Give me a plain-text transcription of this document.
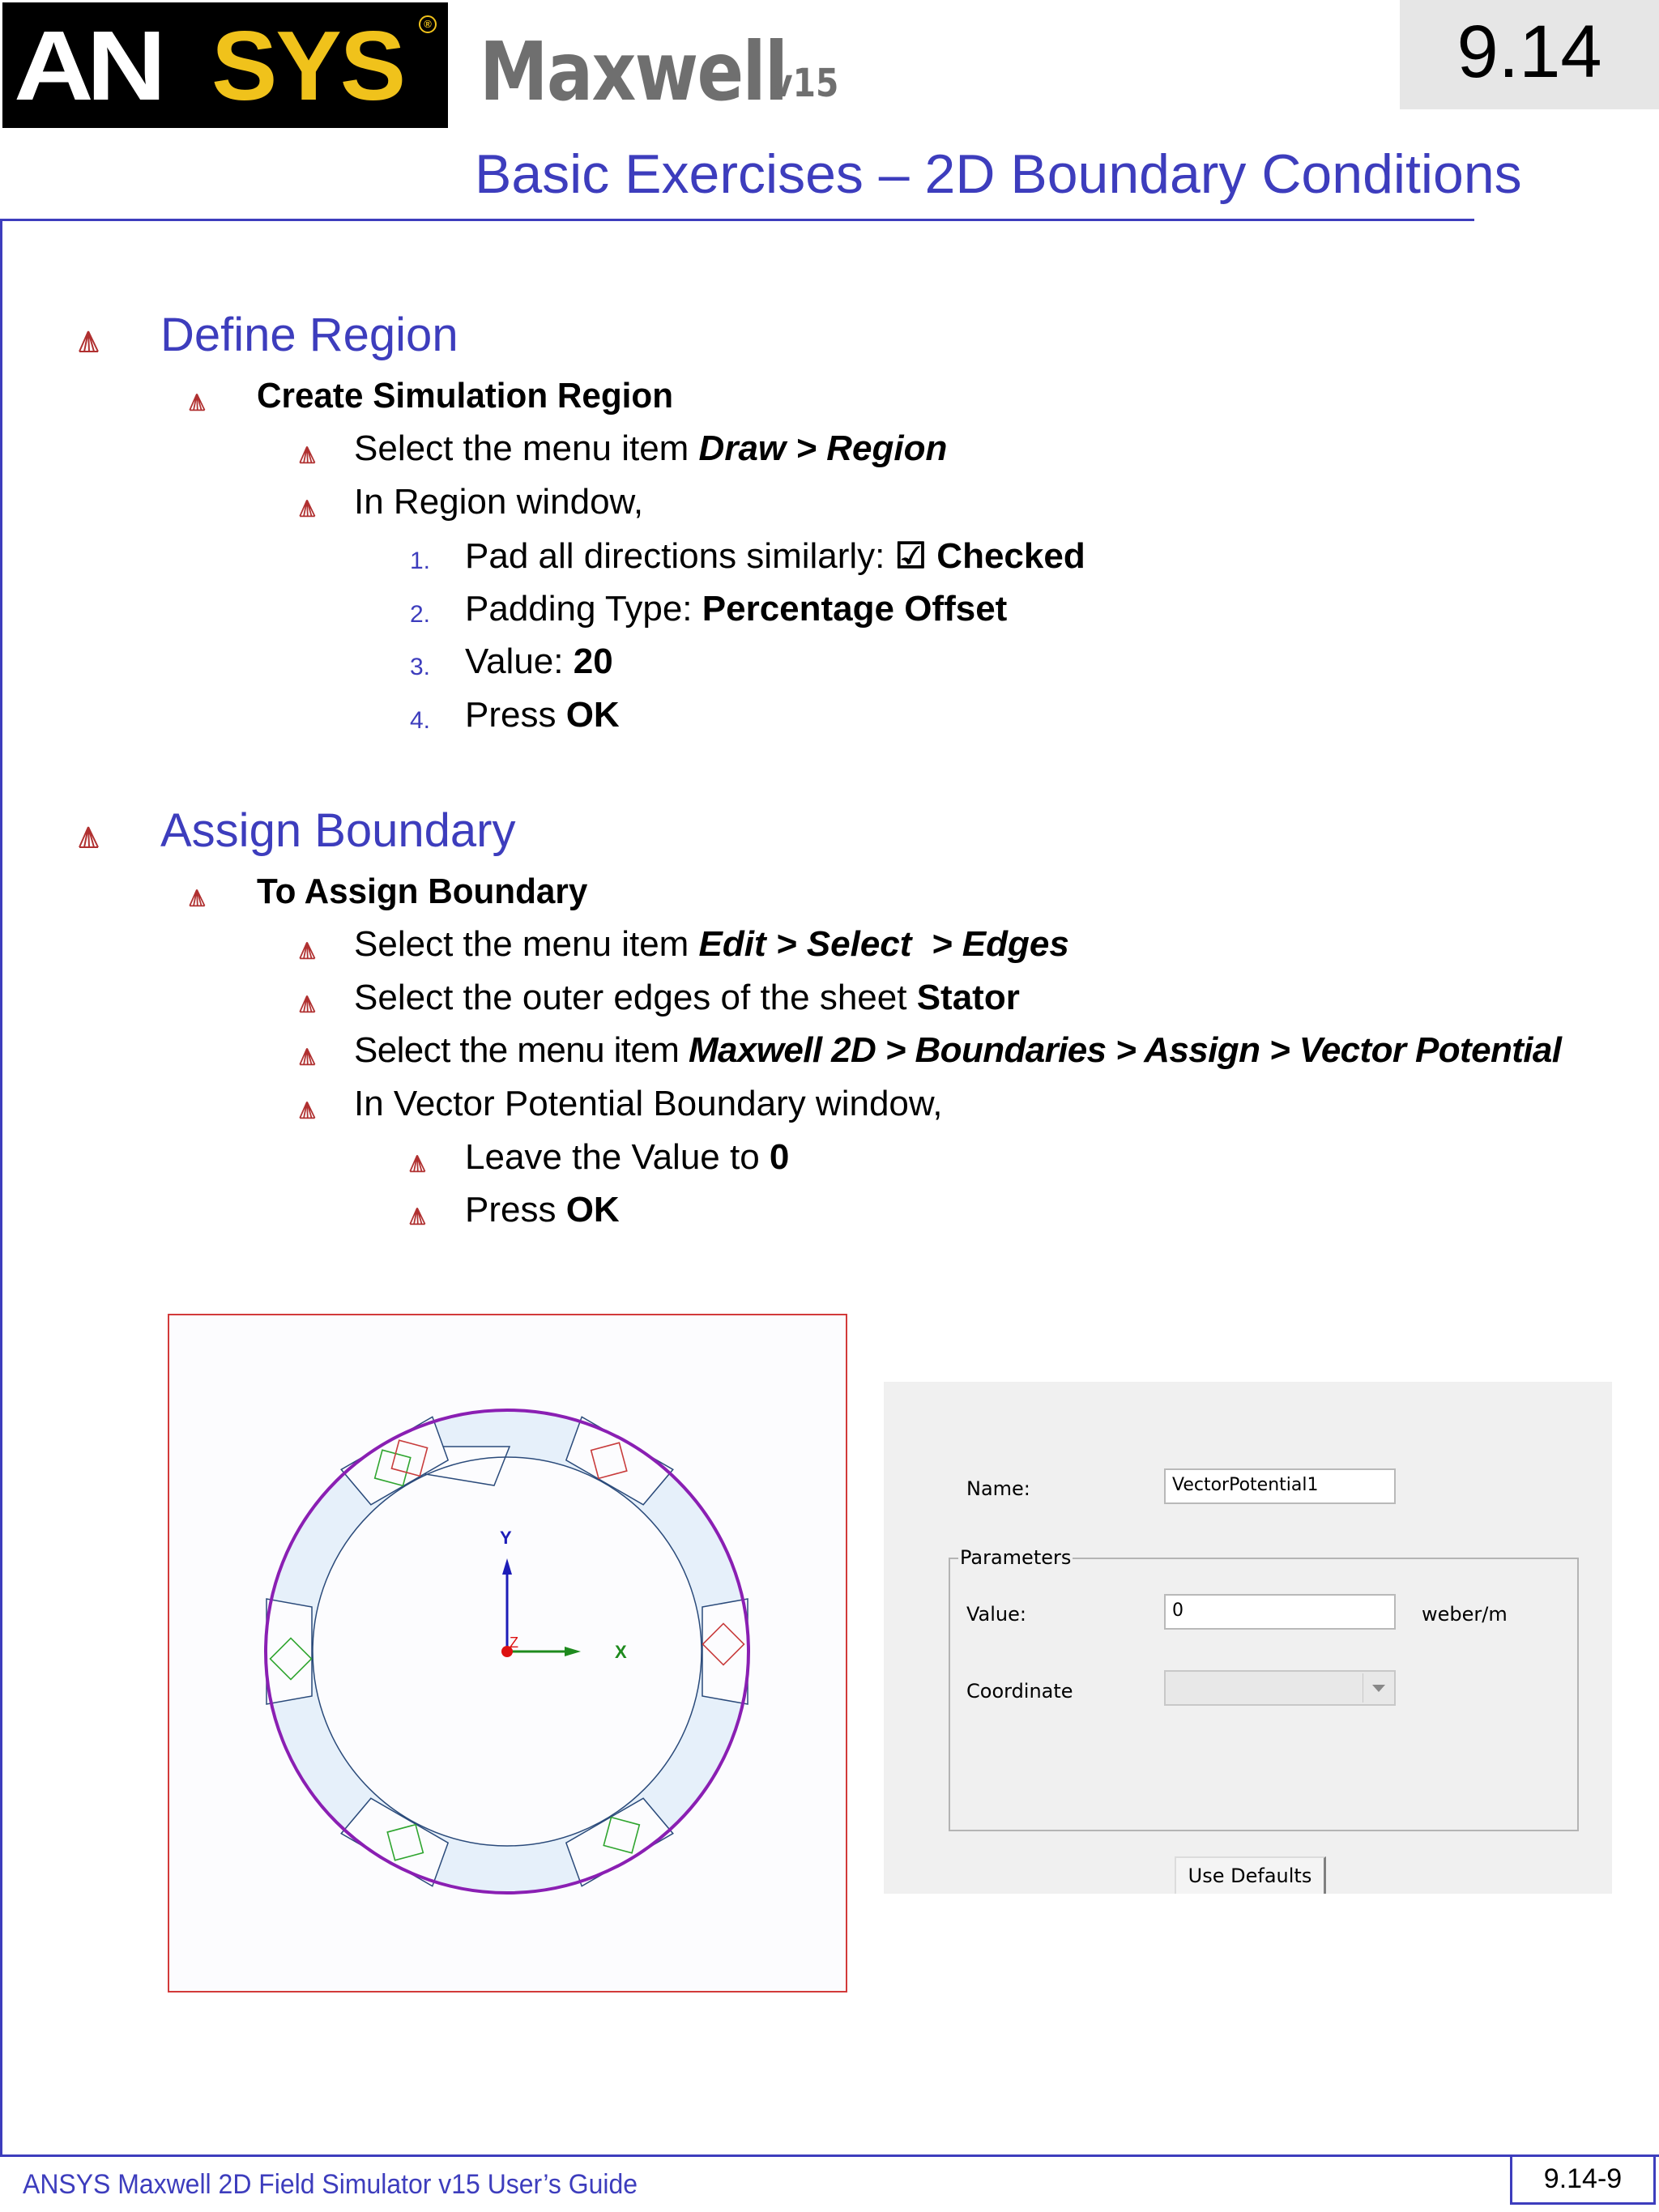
AN SYS	®
Maxwell
v15	9.14
Basic Exercises – 2D Boundary Conditions
Define Region
Create Simulation Region
Select the menu item Draw > Region
In Region window,
1. Pad all directions similarly: ☑ Checked
2. Padding Type: Percentage Offset
3. Value: 20
4. Press OK
Assign Boundary
To Assign Boundary
Select the menu item Edit > Select  > Edges
Select the outer edges of the sheet Stator
Select the menu item Maxwell 2D > Boundaries > Assign > Vector Potential
In Vector Potential Boundary window,
Leave the Value to 0
Press OK
Y
X
Z
Name:	VectorPotential1
Parameters
Value:	0	weber/m
Coordinate
Use Defaults
ANSYS Maxwell 2D Field Simulator v15 User’s Guide	9.14-9
